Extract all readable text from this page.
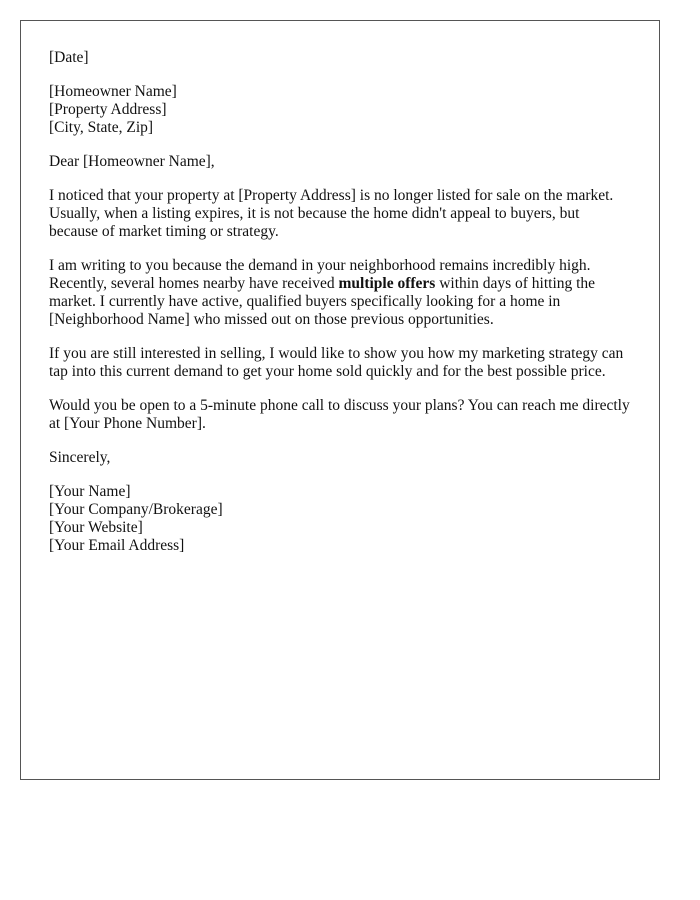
[Date]
[Homeowner Name]
[Property Address]
[City, State, Zip]
Dear [Homeowner Name],

I noticed that your property at [Property Address] is no longer listed for sale on the market. Usually, when a listing expires, it is not because the home didn't appeal to buyers, but because of market timing or strategy.

I am writing to you because the demand in your neighborhood remains incredibly high. Recently, several homes nearby have received multiple offers within days of hitting the market. I currently have active, qualified buyers specifically looking for a home in [Neighborhood Name] who missed out on those previous opportunities.

If you are still interested in selling, I would like to show you how my marketing strategy can tap into this current demand to get your home sold quickly and for the best possible price.

Would you be open to a 5-minute phone call to discuss your plans? You can reach me directly at [Your Phone Number].

Sincerely,
[Your Name]
[Your Company/Brokerage]
[Your Website]
[Your Email Address]
